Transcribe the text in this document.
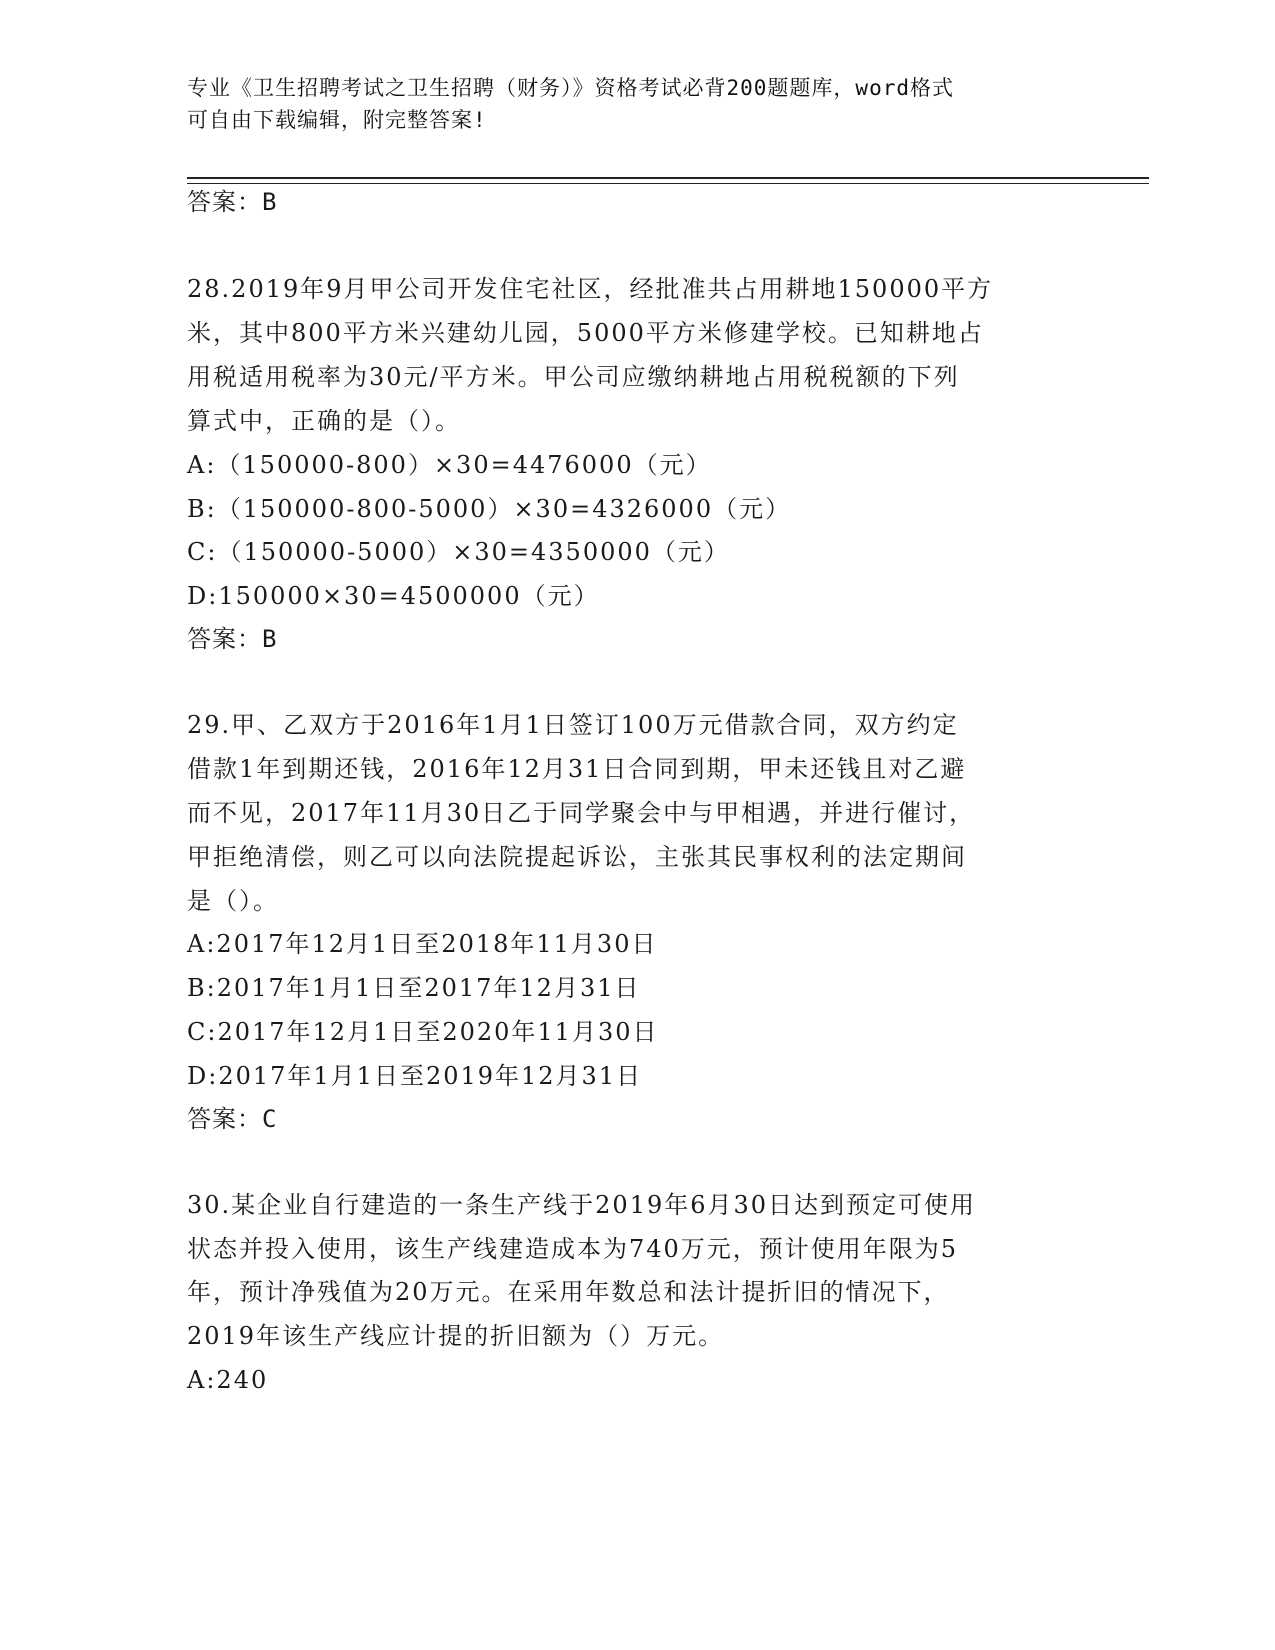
专业《卫生招聘考试之卫生招聘（财务）》资格考试必背200题题库，word格式
可自由下载编辑，附完整答案!

答案：B

28.2019年9月甲公司开发住宅社区，经批准共占用耕地150000平方

米，其中800平方米兴建幼儿园，5000平方米修建学校。已知耕地占

用税适用税率为30元/平方米。甲公司应缴纳耕地占用税税额的下列

算式中，正确的是（）。

A:（150000-800）×30=4476000（元）

B:（150000-800-5000）×30=4326000（元）

C:（150000-5000）×30=4350000（元）

D:150000×30=4500000（元）

答案：B

29.甲、乙双方于2016年1月1日签订100万元借款合同，双方约定

借款1年到期还钱，2016年12月31日合同到期，甲未还钱且对乙避

而不见，2017年11月30日乙于同学聚会中与甲相遇，并进行催讨，

甲拒绝清偿，则乙可以向法院提起诉讼，主张其民事权利的法定期间

是（）。

A:2017年12月1日至2018年11月30日

B:2017年1月1日至2017年12月31日

C:2017年12月1日至2020年11月30日

D:2017年1月1日至2019年12月31日

答案：C

30.某企业自行建造的一条生产线于2019年6月30日达到预定可使用

状态并投入使用，该生产线建造成本为740万元，预计使用年限为5

年，预计净残值为20万元。在采用年数总和法计提折旧的情况下，

2019年该生产线应计提的折旧额为（）万元。

A:240
